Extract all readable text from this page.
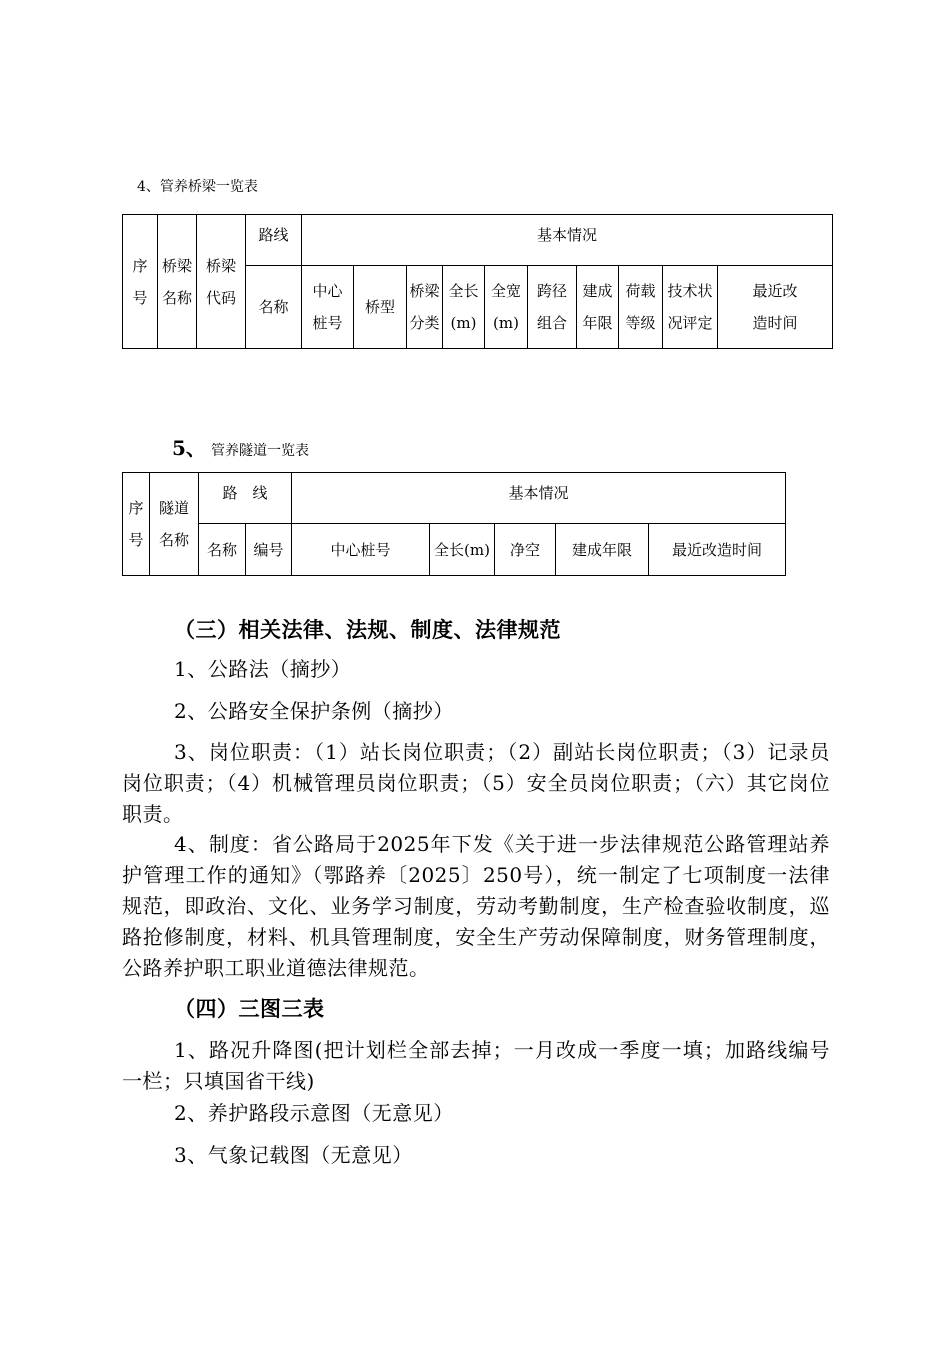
4、管养桥梁一览表
序号	桥梁名称	桥梁代码	路线	基本情况									
			名称	中心桩号	桥型	桥梁分类	全长(m)	全宽(m)	跨径组合	建成年限	荷载等级	技术状况评定	最近改造时间
5、 管养隧道一览表
序号	隧道名称	路　线		基本情况				
		名称	编号	中心桩号	全长(m)	净空	建成年限	最近改造时间
（三）相关法律、法规、制度、法律规范
1、公路法（摘抄）
2、公路安全保护条例（摘抄）
3、岗位职责：（1）站长岗位职责；（2）副站长岗位职责；（3）记录员岗位职责；（4）机械管理员岗位职责；（5）安全员岗位职责；（六）其它岗位职责。
4、制度：省公路局于2025年下发《关于进一步法律规范公路管理站养护管理工作的通知》（鄂路养〔2025〕250号），统一制定了七项制度一法律规范，即政治、文化、业务学习制度，劳动考勤制度，生产检查验收制度，巡路抢修制度，材料、机具管理制度，安全生产劳动保障制度，财务管理制度，公路养护职工职业道德法律规范。
（四）三图三表
1、路况升降图(把计划栏全部去掉；一月改成一季度一填；加路线编号一栏；只填国省干线)
2、养护路段示意图（无意见）
3、气象记载图（无意见）
